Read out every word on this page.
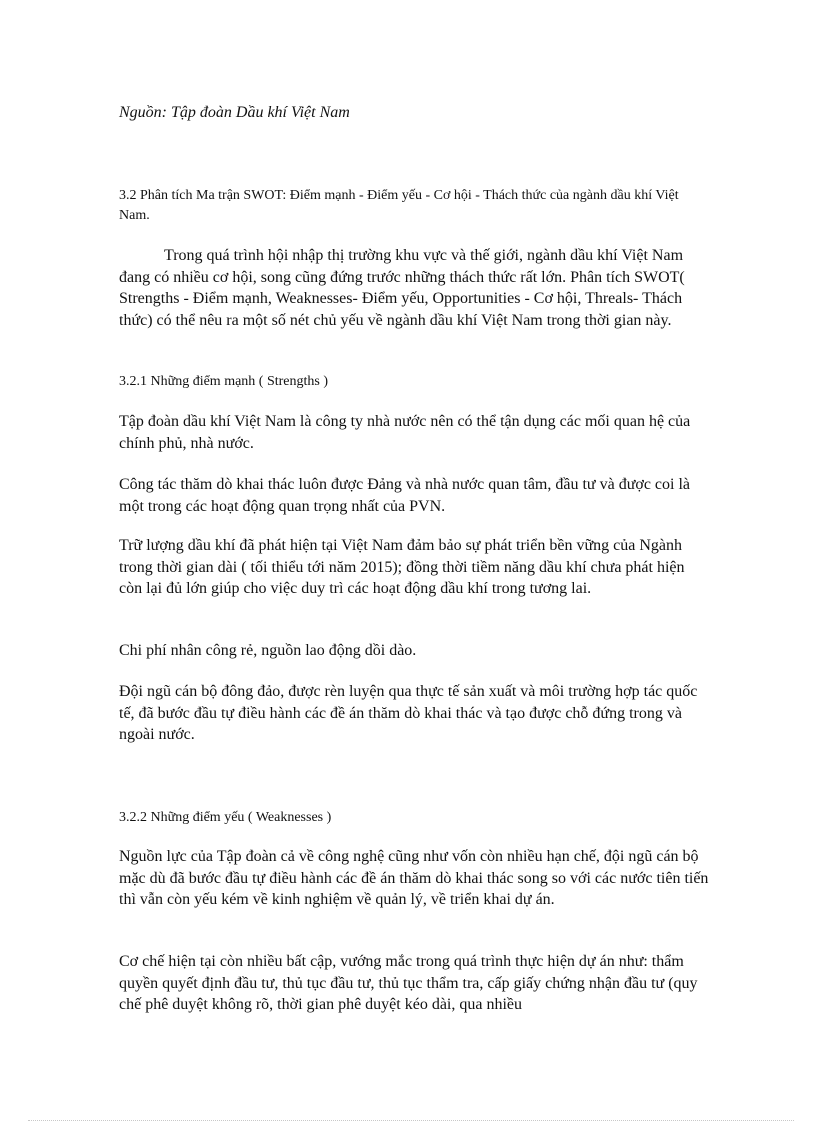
Nguồn: Tập đoàn Dầu khí Việt Nam

3.2 Phân tích Ma trận SWOT: Điểm mạnh - Điểm yếu - Cơ hội - Thách thức của ngành dầu khí Việt Nam.

Trong quá trình hội nhập thị trường khu vực và thế giới, ngành dầu khí Việt Nam đang có nhiều cơ hội, song cũng đứng trước những thách thức rất lớn. Phân tích SWOT( Strengths - Điểm mạnh, Weaknesses- Điểm yếu, Opportunities - Cơ hội, Threals- Thách thức) có thể nêu ra một số nét chủ yếu về ngành dầu khí Việt Nam trong thời gian này.

3.2.1 Những điểm mạnh ( Strengths )

Tập đoàn dầu khí Việt Nam là công ty nhà nước nên có thể tận dụng các mối quan hệ của chính phủ, nhà nước.

Công tác thăm dò khai thác luôn được Đảng và nhà nước quan tâm, đầu tư và được coi là một trong các hoạt động quan trọng nhất của PVN.

Trữ lượng dầu khí đã phát hiện tại Việt Nam đảm bảo sự phát triển bền vững của Ngành trong thời gian dài ( tối thiểu tới năm 2015); đồng thời tiềm năng dầu khí chưa phát hiện còn lại đủ lớn giúp cho việc duy trì các hoạt động dầu khí trong tương lai.

Chi phí nhân công rẻ, nguồn lao động dồi dào.

Đội ngũ cán bộ đông đảo, được rèn luyện qua thực tế sản xuất và môi trường hợp tác quốc tế, đã bước đầu tự điều hành các đề án thăm dò khai thác và tạo được chỗ đứng trong và ngoài nước.

3.2.2 Những điểm yếu ( Weaknesses )

Nguồn lực của Tập đoàn cả về công nghệ cũng như vốn còn nhiều hạn chế, đội ngũ cán bộ mặc dù đã bước đầu tự điều hành các đề án thăm dò khai thác song so với các nước tiên tiến thì vẫn còn yếu kém về kinh nghiệm về quản lý, về triển khai dự án.

Cơ chế hiện tại còn nhiều bất cập, vướng mắc trong quá trình thực hiện dự án như: thẩm quyền quyết định đầu tư, thủ tục đầu tư, thủ tục thẩm tra, cấp giấy chứng nhận đầu tư (quy chế phê duyệt không rõ, thời gian phê duyệt kéo dài, qua nhiều
